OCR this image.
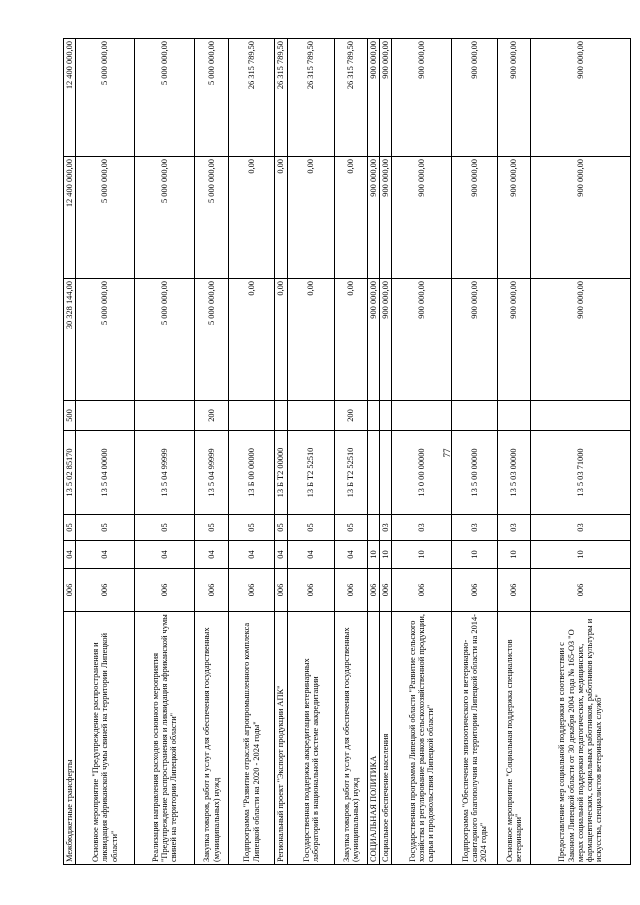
77
Межбюджетные трансферты	006	04	05	13 5 02 85170	500	30 328 144,00	12 400 000,00	12 400 000,00
Основное мероприятие "Предупреждение распространения и ликвидация африканской чумы свиней на территории Липецкой области"	006	04	05	13 5 04 00000		5 000 000,00	5 000 000,00	5 000 000,00
Реализация направления расходов основного мероприятия "Предупреждение распространения и ликвидация африканской чумы свиней на территории Липецкой области"	006	04	05	13 5 04 99999		5 000 000,00	5 000 000,00	5 000 000,00
Закупка товаров, работ и услуг для обеспечения государственных (муниципальных) нужд	006	04	05	13 5 04 99999	200	5 000 000,00	5 000 000,00	5 000 000,00
Подпрограмма "Развитие отраслей агропромышленного комплекса Липецкой области на 2020 - 2024 годы"	006	04	05	13 Б 00 00000		0,00	0,00	26 315 789,50
Региональный проект "Экспорт продукции АПК"	006	04	05	13 Б Т2 00000		0,00	0,00	26 315 789,50
Государственная поддержка аккредитации ветеринарных лабораторий в национальной системе аккредитации	006	04	05	13 Б Т2 52510		0,00	0,00	26 315 789,50
Закупка товаров, работ и услуг для обеспечения государственных (муниципальных) нужд	006	04	05	13 Б Т2 52510	200	0,00	0,00	26 315 789,50
СОЦИАЛЬНАЯ ПОЛИТИКА	006	10				900 000,00	900 000,00	900 000,00
Социальное обеспечение населения	006	10	03			900 000,00	900 000,00	900 000,00
Государственная программа Липецкой области "Развитие сельского хозяйства и регулирование рынков сельскохозяйственной продукции, сырья и продовольствия Липецкой области"	006	10	03	13 0 00 00000		900 000,00	900 000,00	900 000,00
Подпрограмма "Обеспечение эпизоотического и ветеринарно-санитарного благополучия на территории Липецкой области на 2014-2024 годы"	006	10	03	13 5 00 00000		900 000,00	900 000,00	900 000,00
Основное мероприятие "Социальная поддержка специалистов ветеринарии"	006	10	03	13 5 03 00000		900 000,00	900 000,00	900 000,00
Предоставление мер социальной поддержки в соответствии с Законом Липецкой области от 30 декабря 2004 года № 165-ОЗ "О мерах социальной поддержки педагогических, медицинских, фармацевтических, социальных работников, работников культуры и искусства, специалистов ветеринарных служб"	006	10	03	13 5 03 71000		900 000,00	900 000,00	900 000,00
